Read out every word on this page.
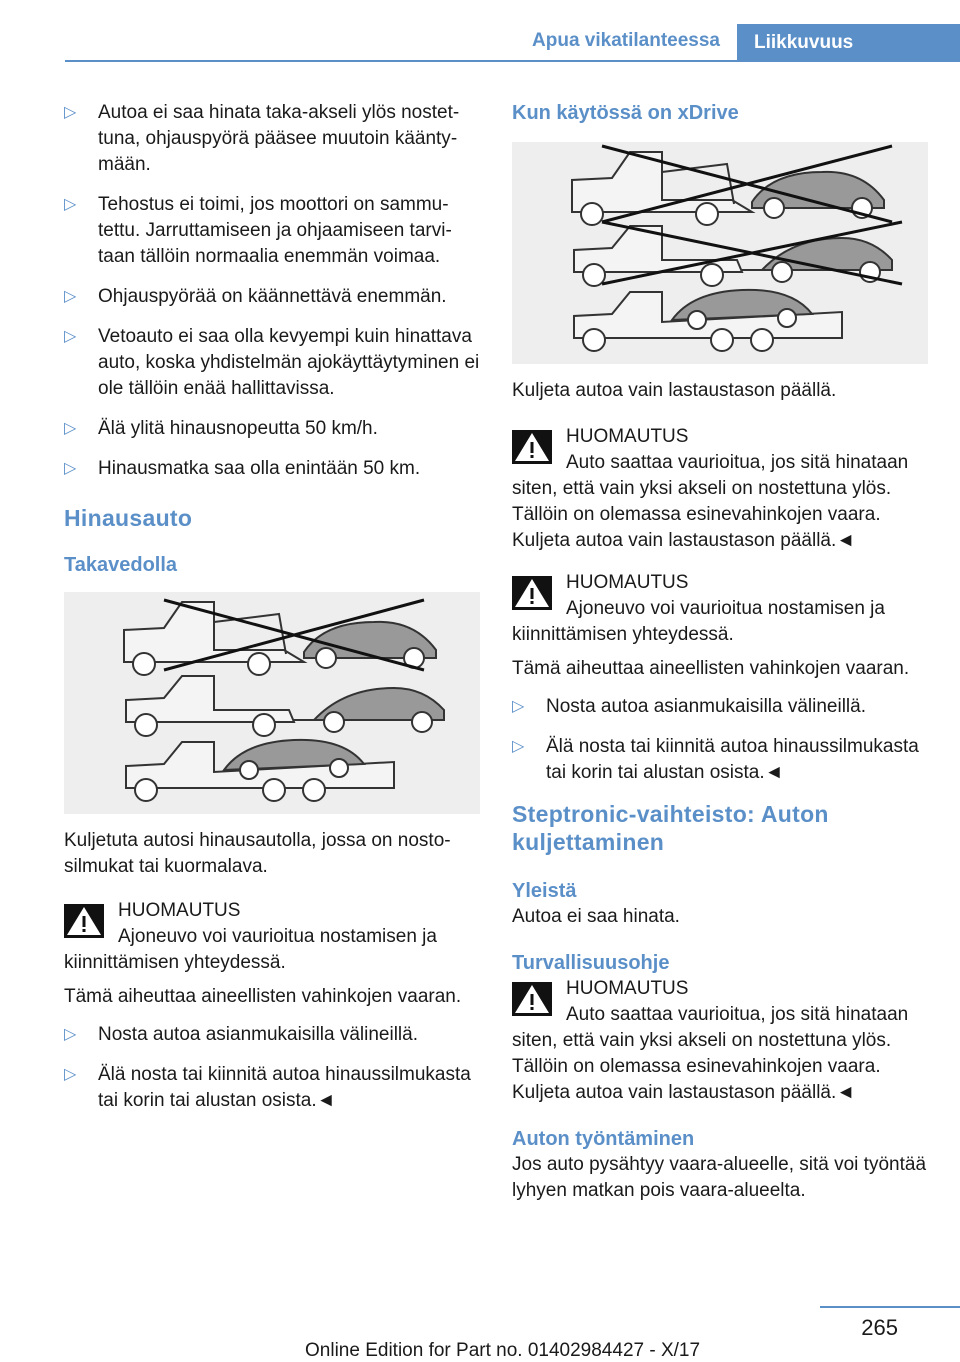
Apua vikatilanteessa	Liikkuvuus
▷ Autoa ei saa hinata taka-akseli ylös nostettuna, ohjauspyörä pääsee muutoin kääntymään.
▷ Tehostus ei toimi, jos moottori on sammutettu. Jarruttamiseen ja ohjaamiseen tarvitaan tällöin normaalia enemmän voimaa.
▷ Ohjauspyörää on käännettävä enemmän.
▷ Vetoauto ei saa olla kevyempi kuin hinattava auto, koska yhdistelmän ajokäyttäytyminen ei ole tällöin enää hallittavissa.
▷ Älä ylitä hinausnopeutta 50 km/h.
▷ Hinausmatka saa olla enintään 50 km.
Hinausauto
Takavedolla

Kuljetuta autosi hinausautolla, jossa on nostosilmukat tai kuormalava.

HUOMAUTUS

Ajoneuvo voi vaurioitua nostamisen ja kiinnittämisen yhteydessä.

Tämä aiheuttaa aineellisten vahinkojen vaaran.

▷ Nosta autoa asianmukaisilla välineillä.
▷ Älä nosta tai kiinnitä autoa hinaussilmukasta tai korin tai alustan osista.◄
Kun käytössä on xDrive

Kuljeta autoa vain lastaustason päällä.

HUOMAUTUS

Auto saattaa vaurioitua, jos sitä hinataan siten, että vain yksi akseli on nostettuna ylös. Tällöin on olemassa esinevahinkojen vaara. Kuljeta autoa vain lastaustason päällä.◄

HUOMAUTUS

Ajoneuvo voi vaurioitua nostamisen ja kiinnittämisen yhteydessä.

Tämä aiheuttaa aineellisten vahinkojen vaaran.

▷ Nosta autoa asianmukaisilla välineillä.
▷ Älä nosta tai kiinnitä autoa hinaussilmukasta tai korin tai alustan osista.◄
Steptronic-vaihteisto: Auton kuljettaminen
Yleistä

Autoa ei saa hinata.

Turvallisuusohje

HUOMAUTUS

Auto saattaa vaurioitua, jos sitä hinataan siten, että vain yksi akseli on nostettuna ylös. Tällöin on olemassa esinevahinkojen vaara. Kuljeta autoa vain lastaustason päällä.◄

Auton työntäminen

Jos auto pysähtyy vaara-alueelle, sitä voi työntää lyhyen matkan pois vaara-alueelta.

265
Online Edition for Part no. 01402984427 - X/17
